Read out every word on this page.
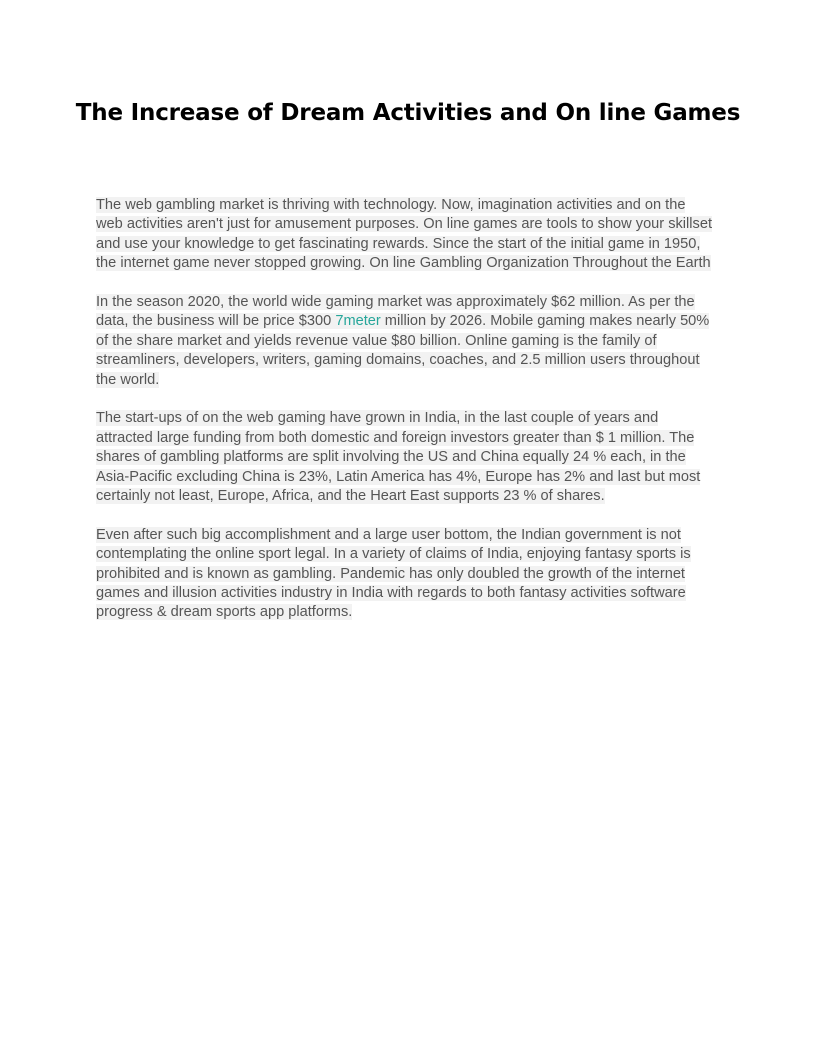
The Increase of Dream Activities and On line Games

The web gambling market is thriving with technology. Now, imagination activities and on the
web activities aren't just for amusement purposes. On line games are tools to show your skillset
and use your knowledge to get fascinating rewards. Since the start of the initial game in 1950,
the internet game never stopped growing. On line Gambling Organization Throughout the Earth

In the season 2020, the world wide gaming market was approximately $62 million. As per the
data, the business will be price $300 7meter million by 2026. Mobile gaming makes nearly 50%
of the share market and yields revenue value $80 billion. Online gaming is the family of
streamliners, developers, writers, gaming domains, coaches, and 2.5 million users throughout
the world.

The start-ups of on the web gaming have grown in India, in the last couple of years and
attracted large funding from both domestic and foreign investors greater than $ 1 million. The
shares of gambling platforms are split involving the US and China equally 24 % each, in the
Asia-Pacific excluding China is 23%, Latin America has 4%, Europe has 2% and last but most
certainly not least, Europe, Africa, and the Heart East supports 23 % of shares.

Even after such big accomplishment and a large user bottom, the Indian government is not
contemplating the online sport legal. In a variety of claims of India, enjoying fantasy sports is
prohibited and is known as gambling. Pandemic has only doubled the growth of the internet
games and illusion activities industry in India with regards to both fantasy activities software
progress & dream sports app platforms.
